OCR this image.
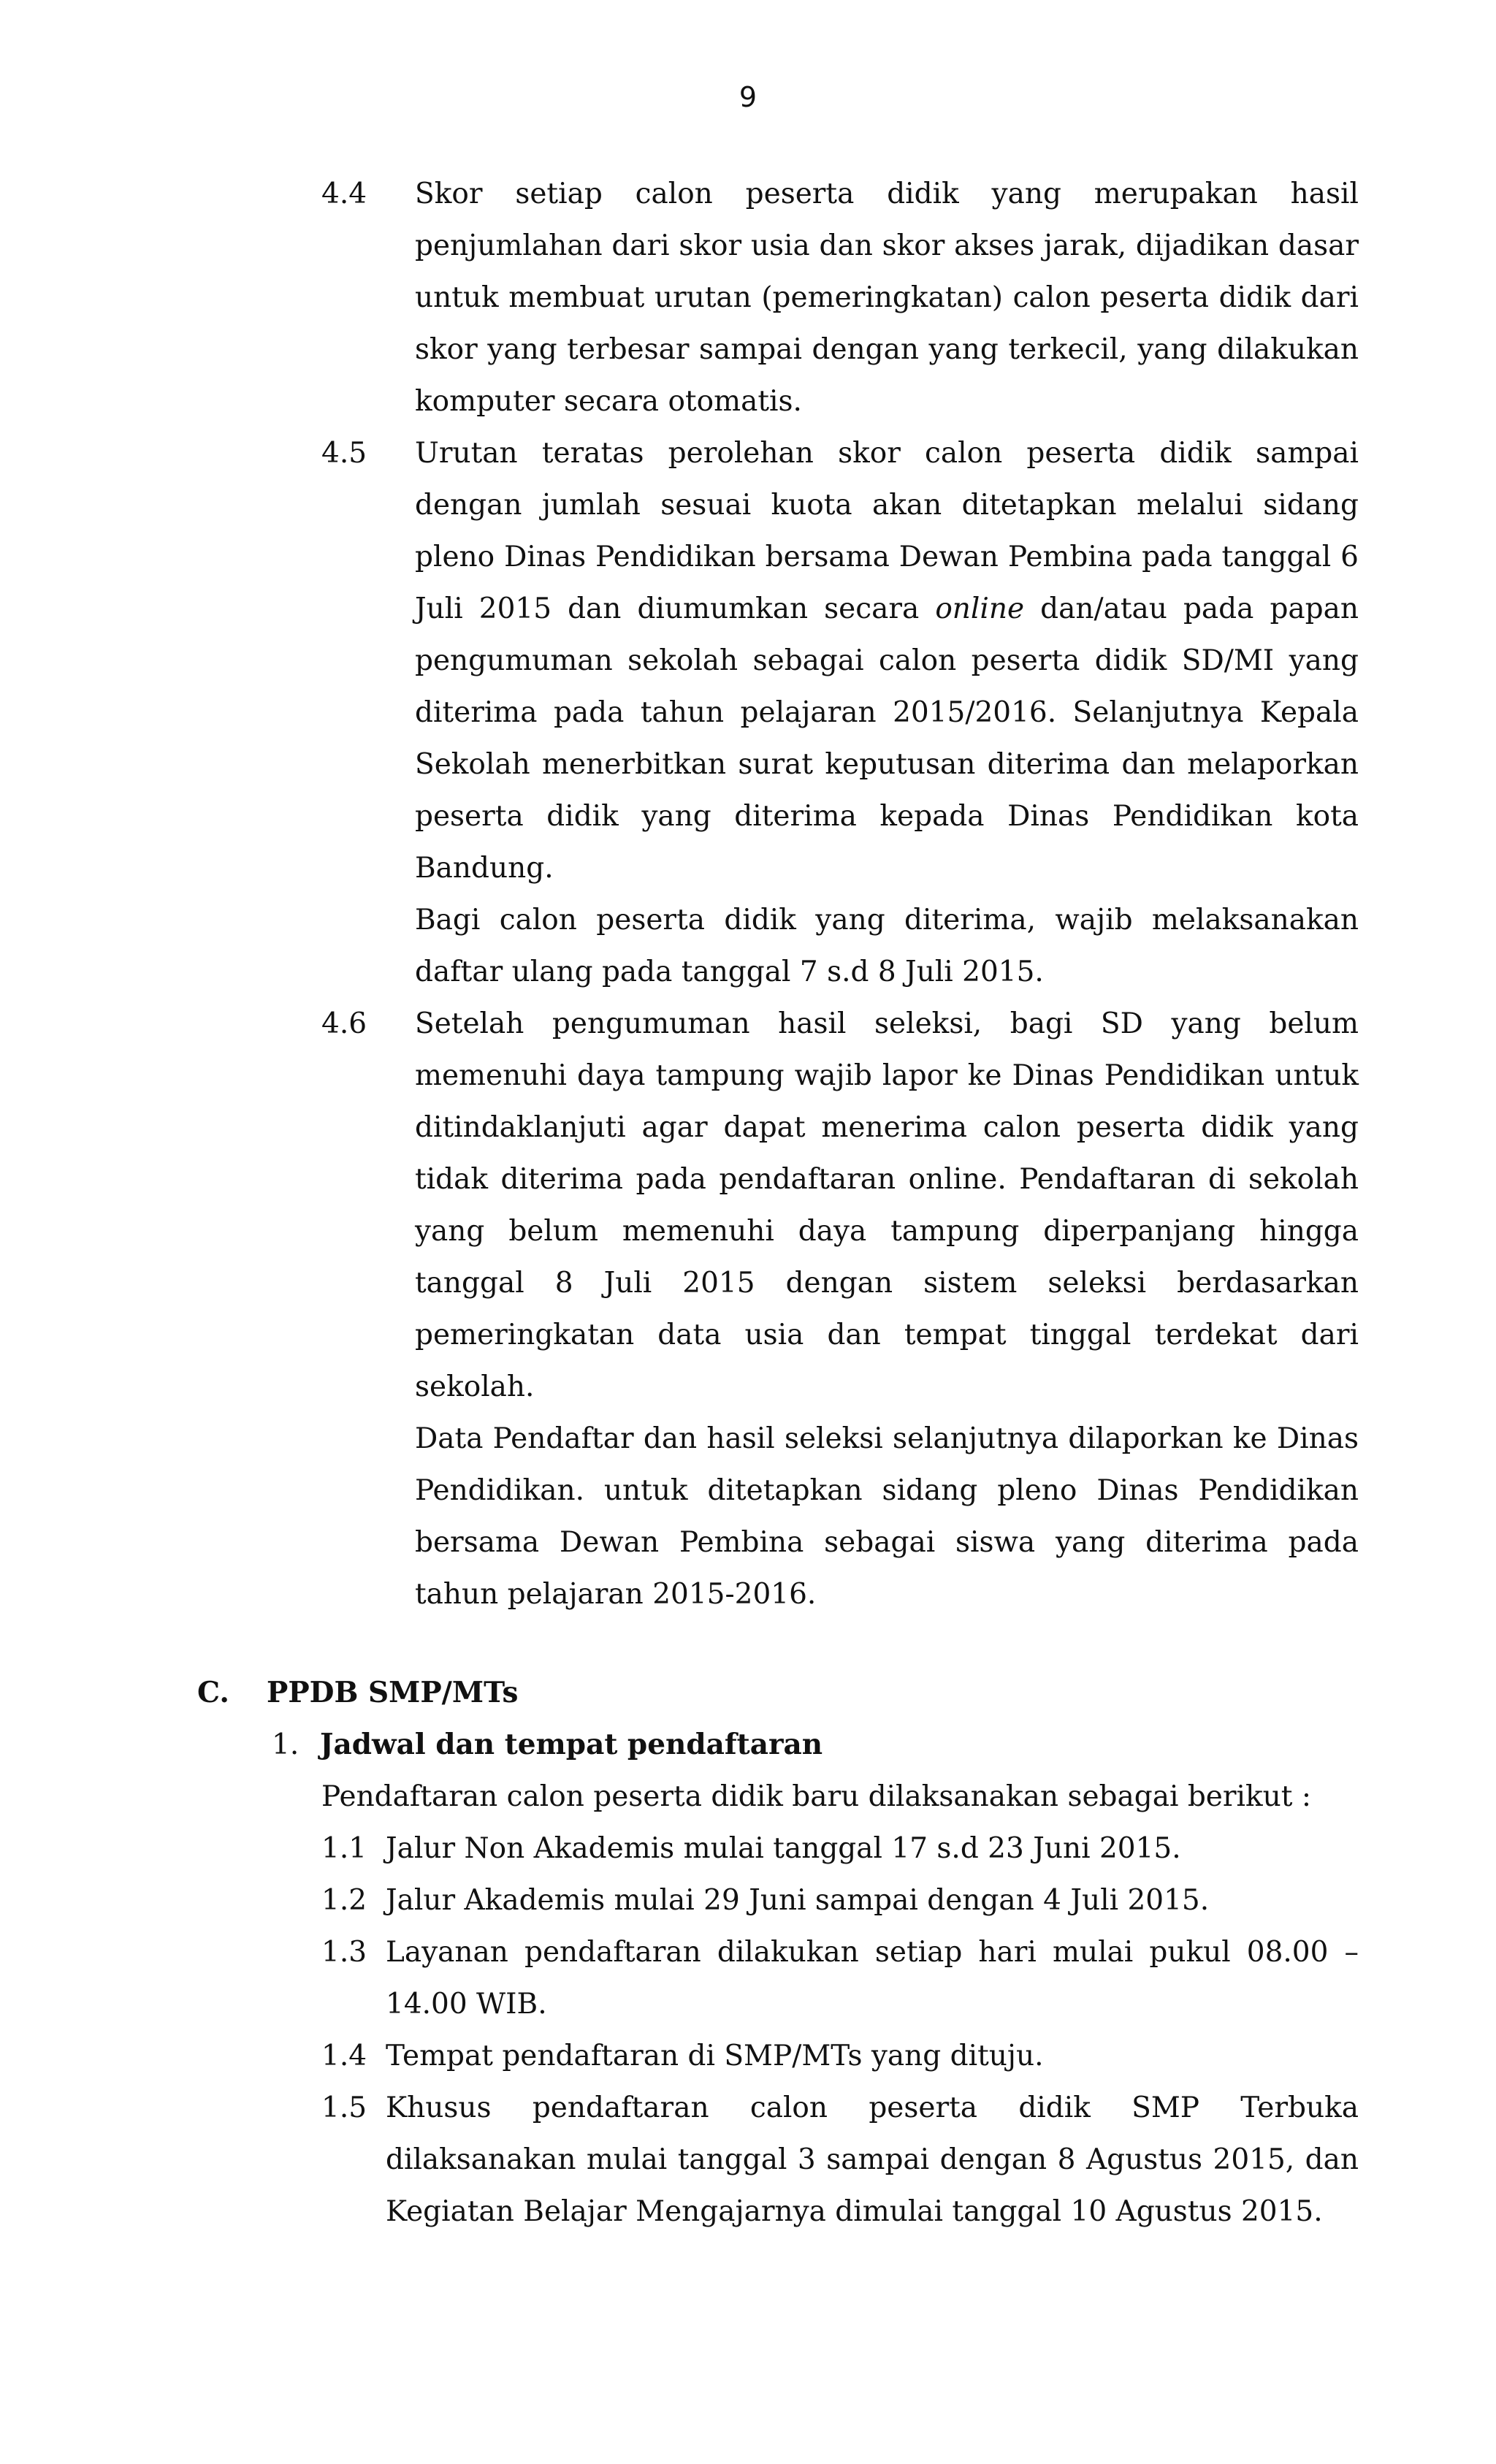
9
4.4	Skor setiap calon peserta didik yang merupakan hasil penjumlahan dari skor usia dan skor akses jarak, dijadikan dasar untuk membuat urutan (pemeringkatan) calon peserta didik dari skor yang terbesar sampai dengan yang terkecil, yang dilakukan komputer secara otomatis.
4.5	Urutan teratas perolehan skor calon peserta didik sampai dengan jumlah sesuai kuota akan ditetapkan melalui sidang pleno Dinas Pendidikan bersama Dewan Pembina pada tanggal 6 Juli 2015 dan diumumkan secara online dan/atau pada papan pengumuman sekolah sebagai calon peserta didik SD/MI yang diterima pada tahun pelajaran 2015/2016. Selanjutnya Kepala Sekolah menerbitkan surat keputusan diterima dan melaporkan peserta didik yang diterima kepada Dinas Pendidikan kota Bandung.

Bagi calon peserta didik yang diterima, wajib melaksanakan daftar ulang pada tanggal 7 s.d 8 Juli 2015.

4.6	Setelah pengumuman hasil seleksi, bagi SD yang belum memenuhi daya tampung wajib lapor ke Dinas Pendidikan untuk ditindaklanjuti agar dapat menerima calon peserta didik yang tidak diterima pada pendaftaran online. Pendaftaran di sekolah yang belum memenuhi daya tampung diperpanjang hingga tanggal 8 Juli 2015 dengan sistem seleksi berdasarkan pemeringkatan data usia dan tempat tinggal terdekat dari sekolah.

Data Pendaftar dan hasil seleksi selanjutnya dilaporkan ke Dinas Pendidikan. untuk ditetapkan sidang pleno Dinas Pendidikan bersama Dewan Pembina sebagai siswa yang diterima pada tahun pelajaran 2015-2016.

C. PPDB SMP/MTs
1. Jadwal dan tempat pendaftaran
Pendaftaran calon peserta didik baru dilaksanakan sebagai berikut :
1.1 Jalur Non Akademis mulai tanggal 17 s.d 23 Juni 2015.
1.2 Jalur Akademis mulai 29 Juni sampai dengan 4 Juli 2015.
1.3 Layanan pendaftaran dilakukan setiap hari mulai pukul 08.00 – 14.00 WIB.
1.4 Tempat pendaftaran di SMP/MTs yang dituju.
1.5 Khusus pendaftaran calon peserta didik SMP Terbuka dilaksanakan mulai tanggal 3 sampai dengan 8 Agustus 2015, dan Kegiatan Belajar Mengajarnya dimulai tanggal 10 Agustus 2015.
